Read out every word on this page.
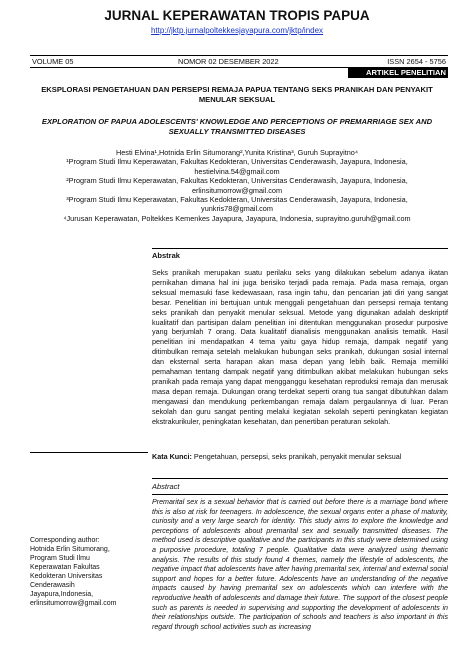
JURNAL KEPERAWATAN TROPIS PAPUA
http://jktp.jurnalpoltekkesjayapura.com/jktp/index
VOLUME 05	NOMOR 02 DESEMBER 2022	ISSN 2654 - 5756
ARTIKEL PENELITIAN
EKSPLORASI PENGETAHUAN DAN PERSEPSI REMAJA PAPUA TENTANG SEKS PRANIKAH DAN PENYAKIT MENULAR SEKSUAL
EXPLORATION OF PAPUA ADOLESCENTS' KNOWLEDGE AND PERCEPTIONS OF PREMARRIAGE SEX AND SEXUALLY TRANSMITTED DISEASES

Hesti Elvina¹,Hotnida Erlin Situmorang²,Yunita Kristina³, Guruh Suprayitno⁴

¹Program Studi Ilmu Keperawatan, Fakultas Kedokteran, Universitas Cenderawasih, Jayapura, Indonesia, hestielvina.54@gmail.com

²Program Studi Ilmu Keperawatan, Fakultas Kedokteran, Universitas Cenderawasih, Jayapura, Indonesia, erlinsitumorrow@gmail.com

³Program Studi Ilmu Keperawatan, Fakultas Kedokteran, Universitas Cenderawasih, Jayapura, Indonesia, yunkris78@gmail.com

⁴Jurusan Keperawatan, Poltekkes Kemenkes Jayapura, Jayapura, Indonesia, suprayitno.guruh@gmail.com

Abstrak
Seks pranikah merupakan suatu perilaku seks yang dilakukan sebelum adanya ikatan pernikahan dimana hal ini juga berisiko terjadi pada remaja. Pada masa remaja, organ seksual memasuki fase kedewasaan, rasa ingin tahu, dan pencarian jati diri yang sangat besar. Penelitian ini bertujuan untuk menggali pengetahuan dan persepsi remaja tentang seks pranikah dan penyakit menular seksual. Metode yang digunakan adalah deskriptif kualitatif dan partisipan dalam penelitian ini ditentukan menggunakan prosedur purposive yang berjumlah 7 orang. Data kualitatif dianalisis menggunakan analisis tematik. Hasil penelitian ini mendapatkan 4 tema yaitu gaya hidup remaja, dampak negatif yang ditimbulkan remaja setelah melakukan hubungan seks pranikah, dukungan sosial internal dan eksternal serta harapan akan masa depan yang lebih baik. Remaja memiliki pemahaman tentang dampak negatif yang ditimbulkan akibat melakukan hubungan seks pranikah pada remaja yang dapat mengganggu kesehatan reproduksi remaja dan merusak masa depan remaja. Dukungan orang terdekat seperti orang tua sangat dibutuhkan dalam mengawasi dan mendukung perkembangan remaja dalam pergaulannya di luar. Peran sekolah dan guru sangat penting melalui kegiatan sekolah seperti peningkatan kegiatan ekstrakurikuler, peningkatan kesehatan, dan penertiban peraturan sekolah.
Kata Kunci: Pengetahuan, persepsi, seks pranikah, penyakit menular seksual
Abstract
Premarital sex is a sexual behavior that is carried out before there is a marriage bond where this is also at risk for teenagers. In adolescence, the sexual organs enter a phase of maturity, curiosity and a very large search for identity. This study aims to explore the knowledge and perceptions of adolescents about premarital sex and sexually transmitted diseases. The method used is descriptive qualitative and the participants in this study were determined using a purposive procedure, totaling 7 people. Qualitative data were analyzed using thematic analysis. The results of this study found 4 themes, namely the lifestyle of adolescents, the negative impact that adolescents have after having premarital sex, internal and external social support and hopes for a better future. Adolescents have an understanding of the negative impacts caused by having premarital sex on adolescents which can interfere with the reproductive health of adolescents and damage their future. The support of the closest people such as parents is needed in supervising and supporting the development of adolescents in their relationships outside. The participation of schools and teachers is also important in this regard through school activities such as increasing
Corresponding author:
Hotnida Erlin Situmorang,
Program Studi Ilmu
Keperawatan Fakultas
Kedokteran Universitas
Cenderawasih
Jayapura,Indonesia,
erlinsitumorrow@gmail.com
